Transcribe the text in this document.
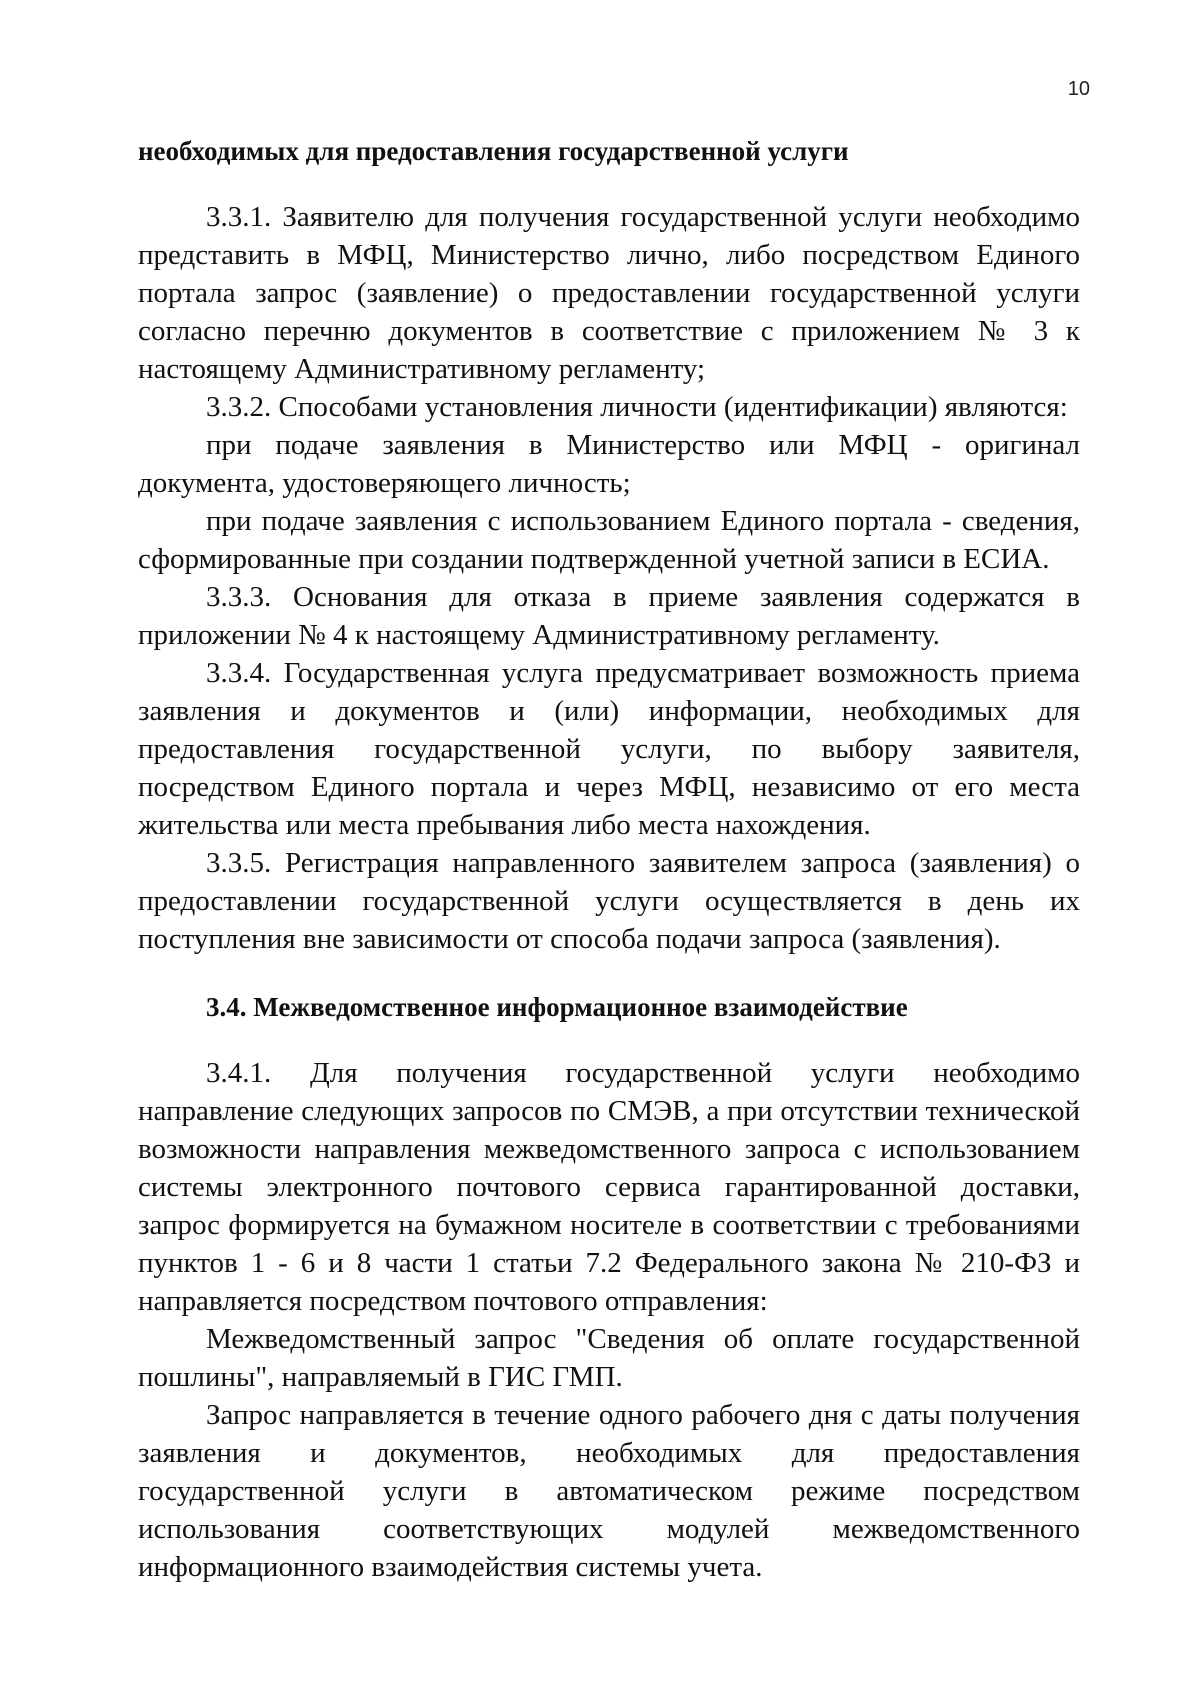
10

необходимых для предоставления государственной услуги

3.3.1. Заявителю для получения государственной услуги необходимо представить в МФЦ, Министерство лично, либо посредством Единого портала запрос (заявление) о предоставлении государственной услуги согласно перечню документов в соответствие с приложением № 3 к настоящему Административному регламенту;

3.3.2. Способами установления личности (идентификации) являются:

при подаче заявления в Министерство или МФЦ - оригинал документа, удостоверяющего личность;

при подаче заявления с использованием Единого портала - сведения, сформированные при создании подтвержденной учетной записи в ЕСИА.

3.3.3. Основания для отказа в приеме заявления содержатся в приложении № 4 к настоящему Административному регламенту.

3.3.4. Государственная услуга предусматривает возможность приема заявления и документов и (или) информации, необходимых для предоставления государственной услуги, по выбору заявителя, посредством Единого портала и через МФЦ, независимо от его места жительства или места пребывания либо места нахождения.

3.3.5. Регистрация направленного заявителем запроса (заявления) о предоставлении государственной услуги осуществляется в день их поступления вне зависимости от способа подачи запроса (заявления).

3.4. Межведомственное информационное взаимодействие

3.4.1. Для получения государственной услуги необходимо направление следующих запросов по СМЭВ, а при отсутствии технической возможности направления межведомственного запроса с использованием системы электронного почтового сервиса гарантированной доставки, запрос формируется на бумажном носителе в соответствии с требованиями пунктов 1 - 6 и 8 части 1 статьи 7.2 Федерального закона № 210-ФЗ и направляется посредством почтового отправления:

Межведомственный запрос "Сведения об оплате государственной пошлины", направляемый в ГИС ГМП.

Запрос направляется в течение одного рабочего дня с даты получения заявления и документов, необходимых для предоставления государственной услуги в автоматическом режиме посредством использования соответствующих модулей межведомственного информационного взаимодействия системы учета.
